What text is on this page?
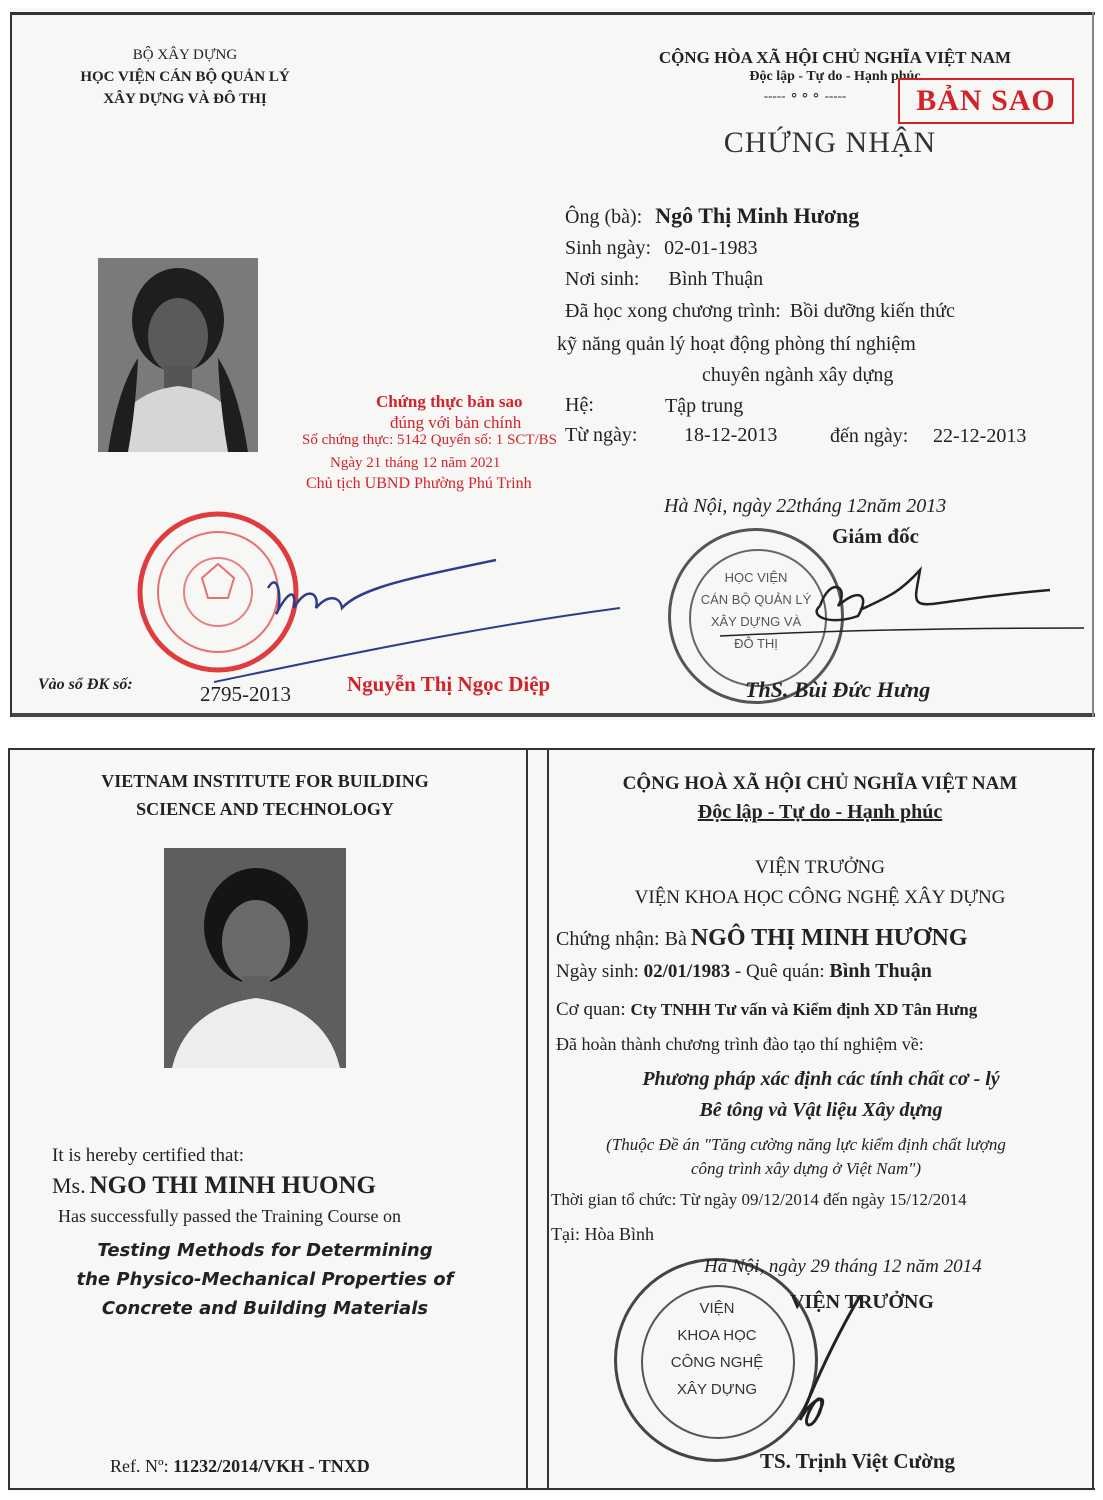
BỘ XÂY DỰNG
HỌC VIỆN CÁN BỘ QUẢN LÝ
XÂY DỰNG VÀ ĐÔ THỊ
CỘNG HÒA XÃ HỘI CHỦ NGHĨA VIỆT NAM
Độc lập - Tự do - Hạnh phúc
----- ⚬⚬⚬ -----	BẢN SAO
CHỨNG NHẬN
Ông (bà): Ngô Thị Minh Hương
Sinh ngày: 02-01-1983
Nơi sinh: Bình Thuận
Đã học xong chương trình: Bồi dưỡng kiến thức
kỹ năng quản lý hoạt động phòng thí nghiệm
chuyên ngành xây dựng
Hệ:	Tập trung
Từ ngày: 18-12-2013	đến ngày: 22-12-2013
Chứng thực bản sao
đúng với bản chính
Số chứng thực: 5142 Quyển số: 1 SCT/BS
Ngày 21 tháng 12 năm 2021
Chủ tịch UBND Phường Phú Trinh
Hà Nội, ngày 22tháng 12năm 2013
Giám đốc
Vào sổ ĐK số:	2795-2013	Nguyễn Thị Ngọc Diệp
HỌC VIỆN
CÁN BỘ QUẢN LÝ
XÂY DỰNG VÀ
ĐÔ THỊ
ThS. Bùi Đức Hưng
VIETNAM INSTITUTE FOR BUILDING
SCIENCE AND TECHNOLOGY
It is hereby certified that:
Ms. NGO THI MINH HUONG
Has successfully passed the Training Course on
Testing Methods for Determining
the Physico-Mechanical Properties of
Concrete and Building Materials
Ref. Nº: 11232/2014/VKH - TNXD
CỘNG HOÀ XÃ HỘI CHỦ NGHĨA VIỆT NAM
Độc lập - Tự do - Hạnh phúc
VIỆN TRƯỞNG
VIỆN KHOA HỌC CÔNG NGHỆ XÂY DỰNG
Chứng nhận: Bà NGÔ THỊ MINH HƯƠNG
Ngày sinh: 02/01/1983 - Quê quán: Bình Thuận
Cơ quan: Cty TNHH Tư vấn và Kiểm định XD Tân Hưng
Đã hoàn thành chương trình đào tạo thí nghiệm về:
Phương pháp xác định các tính chất cơ - lý
Bê tông và Vật liệu Xây dựng
(Thuộc Đề án "Tăng cường năng lực kiểm định chất lượng
công trình xây dựng ở Việt Nam")
Thời gian tổ chức: Từ ngày 09/12/2014 đến ngày 15/12/2014
Tại: Hòa Bình
VIỆN
KHOA HỌC
CÔNG NGHỆ
XÂY DỰNG
Hà Nội, ngày 29 tháng 12 năm 2014
VIỆN TRƯỞNG
TS. Trịnh Việt Cường
